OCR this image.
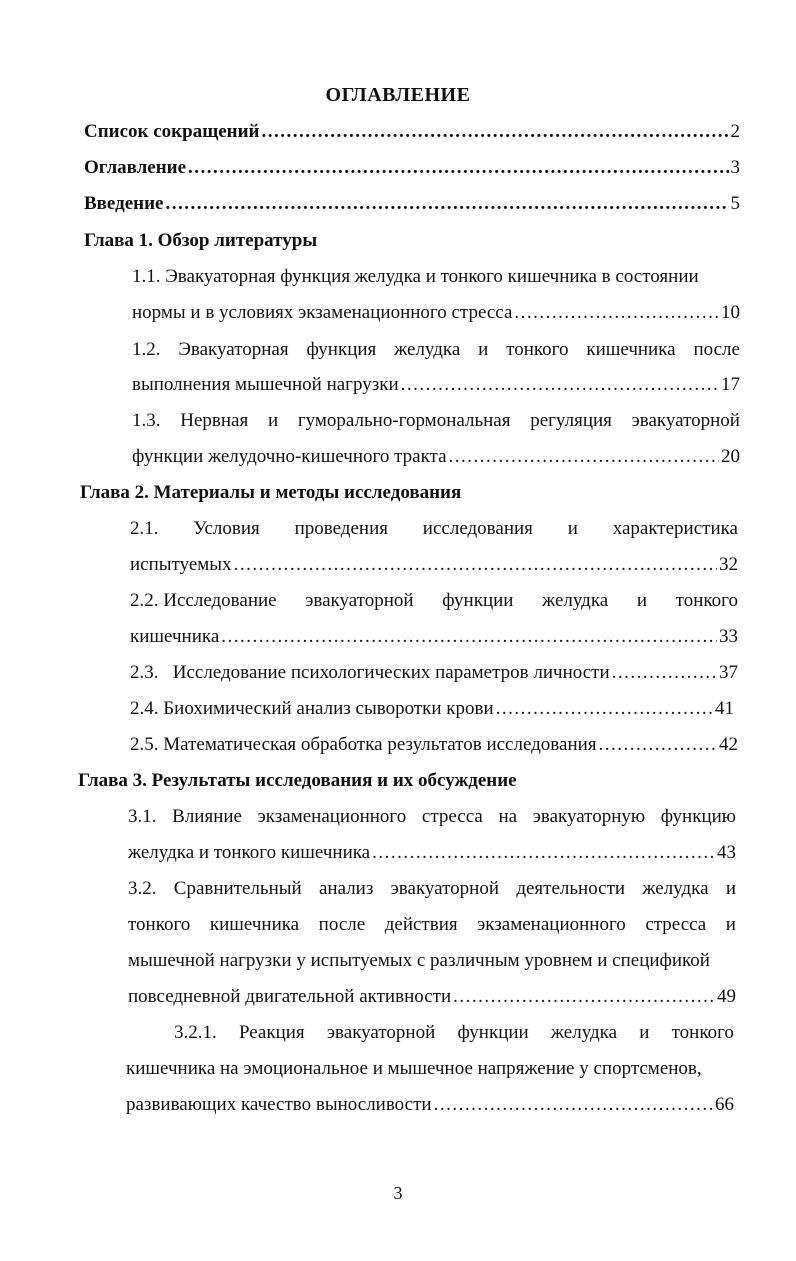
ОГЛАВЛЕНИЕ
Список сокращений .....	2
Оглавление .....	3
Введение .....	5
Глава 1. Обзор литературы
1.1. Эвакуаторная функция желудка и тонкого кишечника в состоянии
нормы и в условиях экзаменационного стресса .....	10
1.2. Эвакуаторная функция желудка и тонкого кишечника после
выполнения мышечной нагрузки .....	17
1.3. Нервная и гуморально-гормональная регуляция эвакуаторной
функции желудочно-кишечного тракта .....	20
Глава 2. Материалы и методы исследования
2.1. Условия проведения исследования и характеристика
испытуемых .....	32
2.2. Исследование эвакуаторной функции желудка и тонкого
кишечника .....	33
2.3.   Исследование психологических параметров личности .....	37
2.4. Биохимический анализ сыворотки крови .....	41
2.5. Математическая обработка результатов исследования .....	42
Глава 3. Результаты исследования и их обсуждение
3.1. Влияние экзаменационного стресса на эвакуаторную функцию
желудка и тонкого кишечника .....	43
3.2. Сравнительный анализ эвакуаторной деятельности желудка и
тонкого кишечника после действия экзаменационного стресса и
мышечной нагрузки у испытуемых с различным уровнем и спецификой
повседневной двигательной активности .....	49
3.2.1. Реакция эвакуаторной функции желудка и тонкого
кишечника на эмоциональное и мышечное напряжение у спортсменов,
развивающих качество выносливости .....	66
3
